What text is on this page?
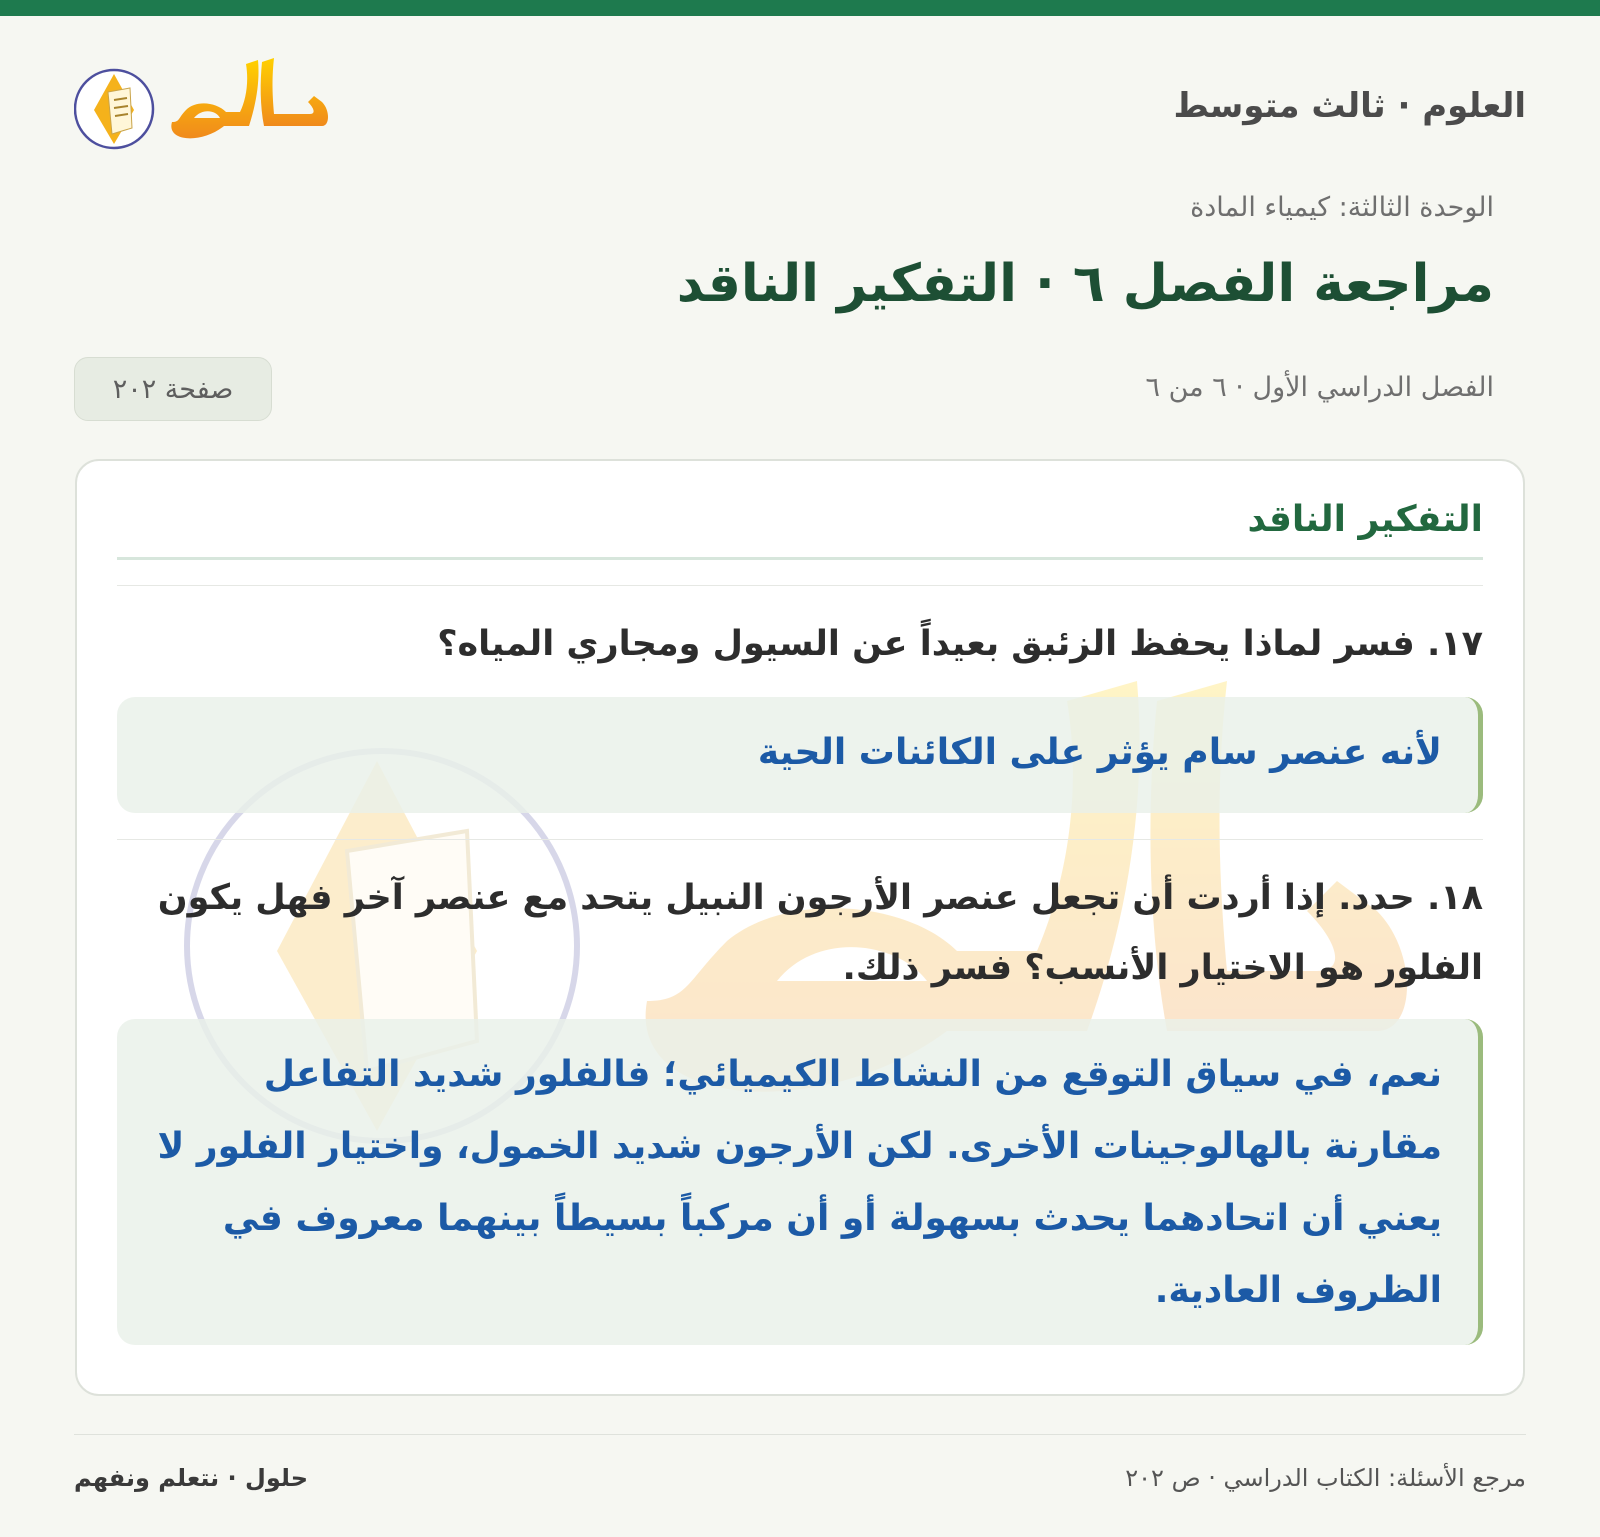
العلوم · ثالث متوسط
الوحدة الثالثة: كيمياء المادة
مراجعة الفصل ٦ · التفكير الناقد
الفصل الدراسي الأول · ٦ من ٦
صفحة ٢٠٢
التفكير الناقد
١٧. فسر لماذا يحفظ الزئبق بعيداً عن السيول ومجاري المياه؟
لأنه عنصر سام يؤثر على الكائنات الحية
١٨. حدد. إذا أردت أن تجعل عنصر الأرجون النبيل يتحد مع عنصر آخر فهل يكون الفلور هو الاختيار الأنسب؟ فسر ذلك.
نعم، في سياق التوقع من النشاط الكيميائي؛ فالفلور شديد التفاعل مقارنة بالهالوجينات الأخرى. لكن الأرجون شديد الخمول، واختيار الفلور لا يعني أن اتحادهما يحدث بسهولة أو أن مركباً بسيطاً بينهما معروف في الظروف العادية.
مرجع الأسئلة: الكتاب الدراسي · ص ٢٠٢
حلول · نتعلم ونفهم
